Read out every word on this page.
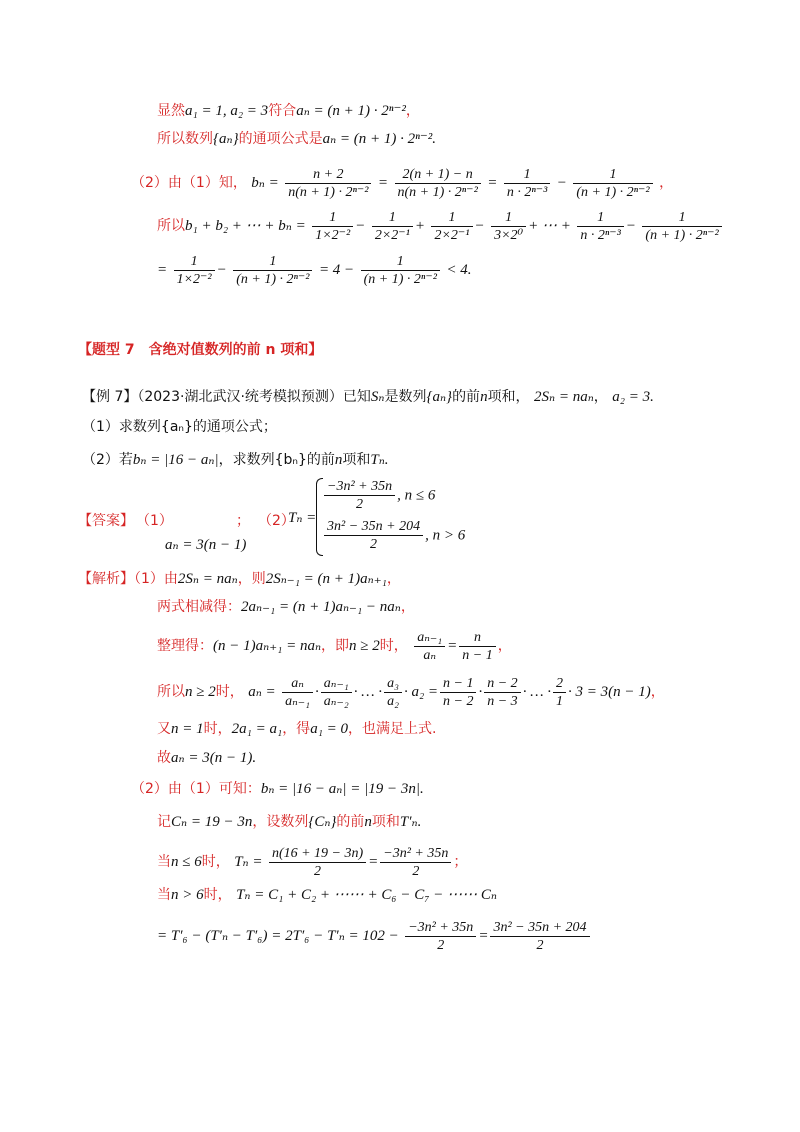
显然a₁ = 1, a₂ = 3符合aₙ = (n + 1) · 2ⁿ⁻²，
所以数列{aₙ}的通项公式是aₙ = (n + 1) · 2ⁿ⁻².
（2）由（1）知， $b_n = \frac{n + 2}{\text{n(n + 1) · 2ⁿ⁻²}} = \frac{2(n + 1) - n}{\text{n(n + 1) · 2ⁿ⁻²}} = \frac{1}{\text{n · 2ⁿ⁻³}} - \frac{1}{\text{(n + 1) · 2ⁿ⁻²}}$ ，
所以b₁ + b₂ + ⋯ + $b_n = \frac{1}{\text{1×2⁻²}} - \frac{1}{\text{2×2⁻¹}} + \frac{1}{\text{2×2⁻¹}} - \frac{1}{\text{3×2⁰}}$ + ⋯ + $\frac{1}{\text{n · 2ⁿ⁻³}} - \frac{1}{\text{(n + 1) · 2ⁿ⁻²}}$
= $\frac{1}{\text{1×2⁻²}} - \frac{1}{\text{(n + 1) · 2ⁿ⁻²}} = 4 - \frac{1}{\text{(n + 1) · 2ⁿ⁻²}} < 4$.
【题型 7　含绝对值数列的前 n 项和】
【例 7】（2023·湖北武汉·统考模拟预测）已知Sₙ是数列{aₙ}的前n项和， 2Sₙ = naₙ， a₂ = 3.
（1）求数列{aₙ}的通项公式；
（2）若bₙ = |16 − aₙ|，求数列{bₙ}的前n项和Tₙ.
【答案】 （1）
aₙ = 3(n − 1)
； （2）
Tₙ =
$\frac{\text{−3n² + 35n}}{2}$ , n ≤ 6
$\frac{\text{3n² − 35n + 204}}{2}$ , n > 6
【解析】（1）由2Sₙ = naₙ，则2Sₙ₋₁ = (n + 1)aₙ₊₁，
两式相减得：2aₙ₋₁ = (n + 1)aₙ₋₁ − naₙ，
整理得：(n − 1)aₙ₊₁ = naₙ，即n ≥ 2时， $\frac{\text{aₙ₋₁}}{\text{aₙ}} = \frac{n}{n - 1}$ ，
所以n ≥ 2时， $a_n = \frac{\text{aₙ}}{\text{aₙ₋₁}} \cdot \frac{\text{aₙ₋₁}}{\text{aₙ₋₂}}$ · … · $\frac{\text{a₃}}{\text{a₂}} \cdot a_2 = \frac{n - 1}{n - 2} \cdot \frac{n - 2}{n - 3}$ · … · $\frac{2}{1} \cdot 3 = 3(n - 1)$，
又n = 1时，2a₁ = a₁，得a₁ = 0，也满足上式.
故aₙ = 3(n − 1).
（2）由（1）可知：bₙ = |16 − aₙ| = |19 − 3n|.
记Cₙ = 19 − 3n，设数列{Cₙ}的前n项和T′ₙ.
当n ≤ 6时， $T_n = \frac{n(16 + 19 - 3n)}{2} = \frac{\text{−3n² + 35n}}{2}$ ；
当n > 6时， Tₙ = C₁ + C₂ + ⋯⋯ + C₆ − C₇ − ⋯⋯ Cₙ
= $T'_6 - (T'_n - T'_6) = 2T'_6 - T'_n = 102 - \frac{\text{−3n² + 35n}}{2} = \frac{\text{3n² − 35n + 204}}{2}$
